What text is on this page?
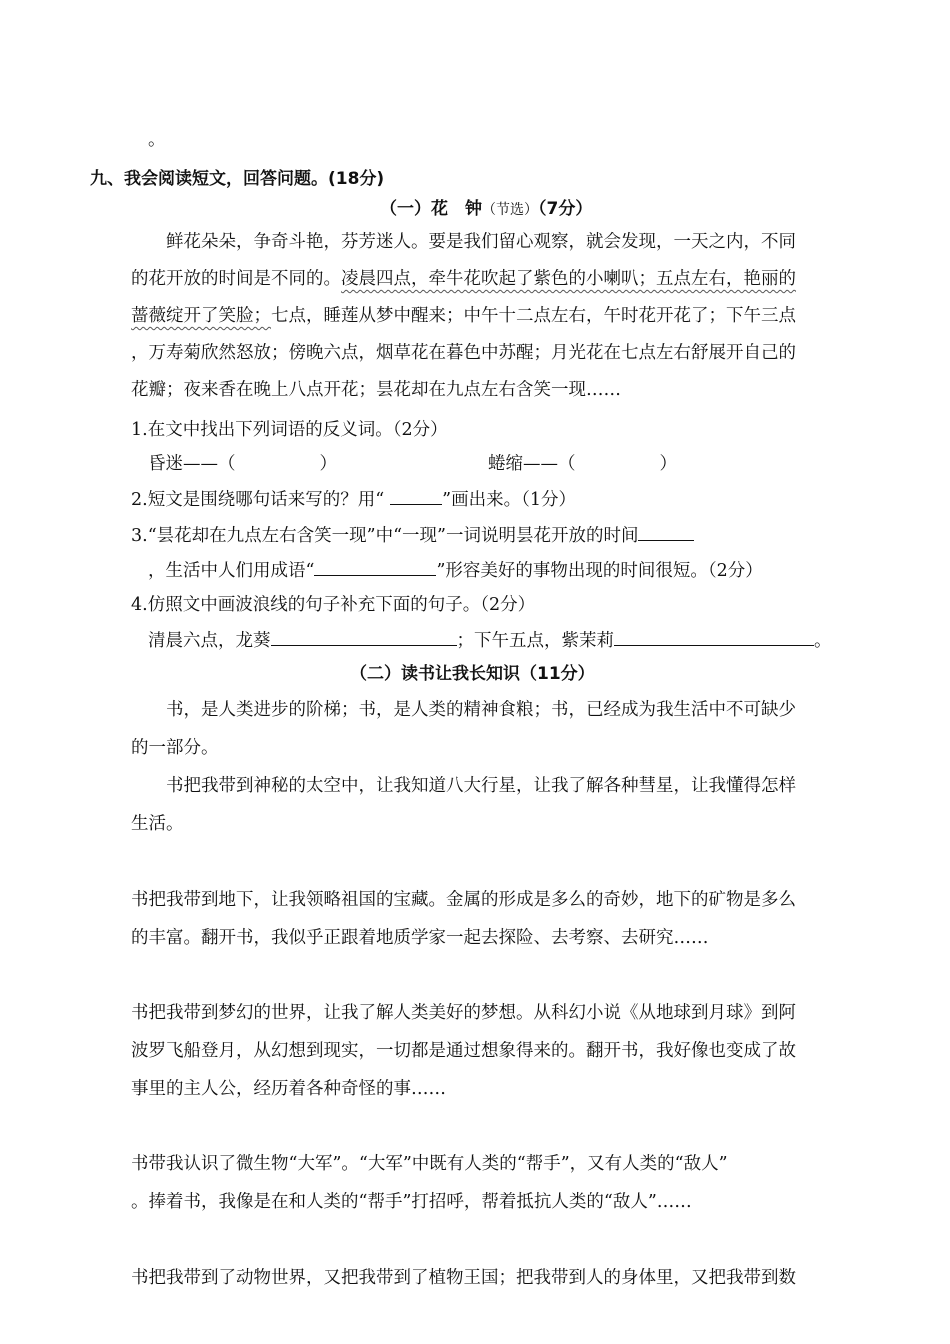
。
九、我会阅读短文，回答问题。(18分)
（一）花　钟（节选）（7分）
鲜花朵朵，争奇斗艳，芬芳迷人。要是我们留心观察，就会发现，一天之内，不同
的花开放的时间是不同的。凌晨四点，牵牛花吹起了紫色的小喇叭；五点左右，艳丽的
蔷薇绽开了笑脸；七点，睡莲从梦中醒来；中午十二点左右，午时花开花了；下午三点
，万寿菊欣然怒放；傍晚六点，烟草花在暮色中苏醒；月光花在七点左右舒展开自己的
花瓣；夜来香在晚上八点开花；昙花却在九点左右含笑一现……
1.在文中找出下列词语的反义词。（2分）
昏迷——（	）	蜷缩——（	）
2.短文是围绕哪句话来写的？用“	”画出来。（1分）
3.“昙花却在九点左右含笑一现”中“一现”一词说明昙花开放的时间
，生活中人们用成语“	”形容美好的事物出现的时间很短。（2分）
4.仿照文中画波浪线的句子补充下面的句子。（2分）
清晨六点，龙葵	；下午五点，紫茉莉	。
（二）读书让我长知识（11分）
书，是人类进步的阶梯；书，是人类的精神食粮；书，已经成为我生活中不可缺少
的一部分。
书把我带到神秘的太空中，让我知道八大行星，让我了解各种彗星，让我懂得怎样
生活。
书把我带到地下，让我领略祖国的宝藏。金属的形成是多么的奇妙，地下的矿物是多么
的丰富。翻开书，我似乎正跟着地质学家一起去探险、去考察、去研究……
书把我带到梦幻的世界，让我了解人类美好的梦想。从科幻小说《从地球到月球》到阿
波罗飞船登月，从幻想到现实，一切都是通过想象得来的。翻开书，我好像也变成了故
事里的主人公，经历着各种奇怪的事……
书带我认识了微生物“大军”。“大军”中既有人类的“帮手”，又有人类的“敌人”
。捧着书，我像是在和人类的“帮手”打招呼，帮着抵抗人类的“敌人”……
书把我带到了动物世界，又把我带到了植物王国；把我带到人的身体里，又把我带到数
